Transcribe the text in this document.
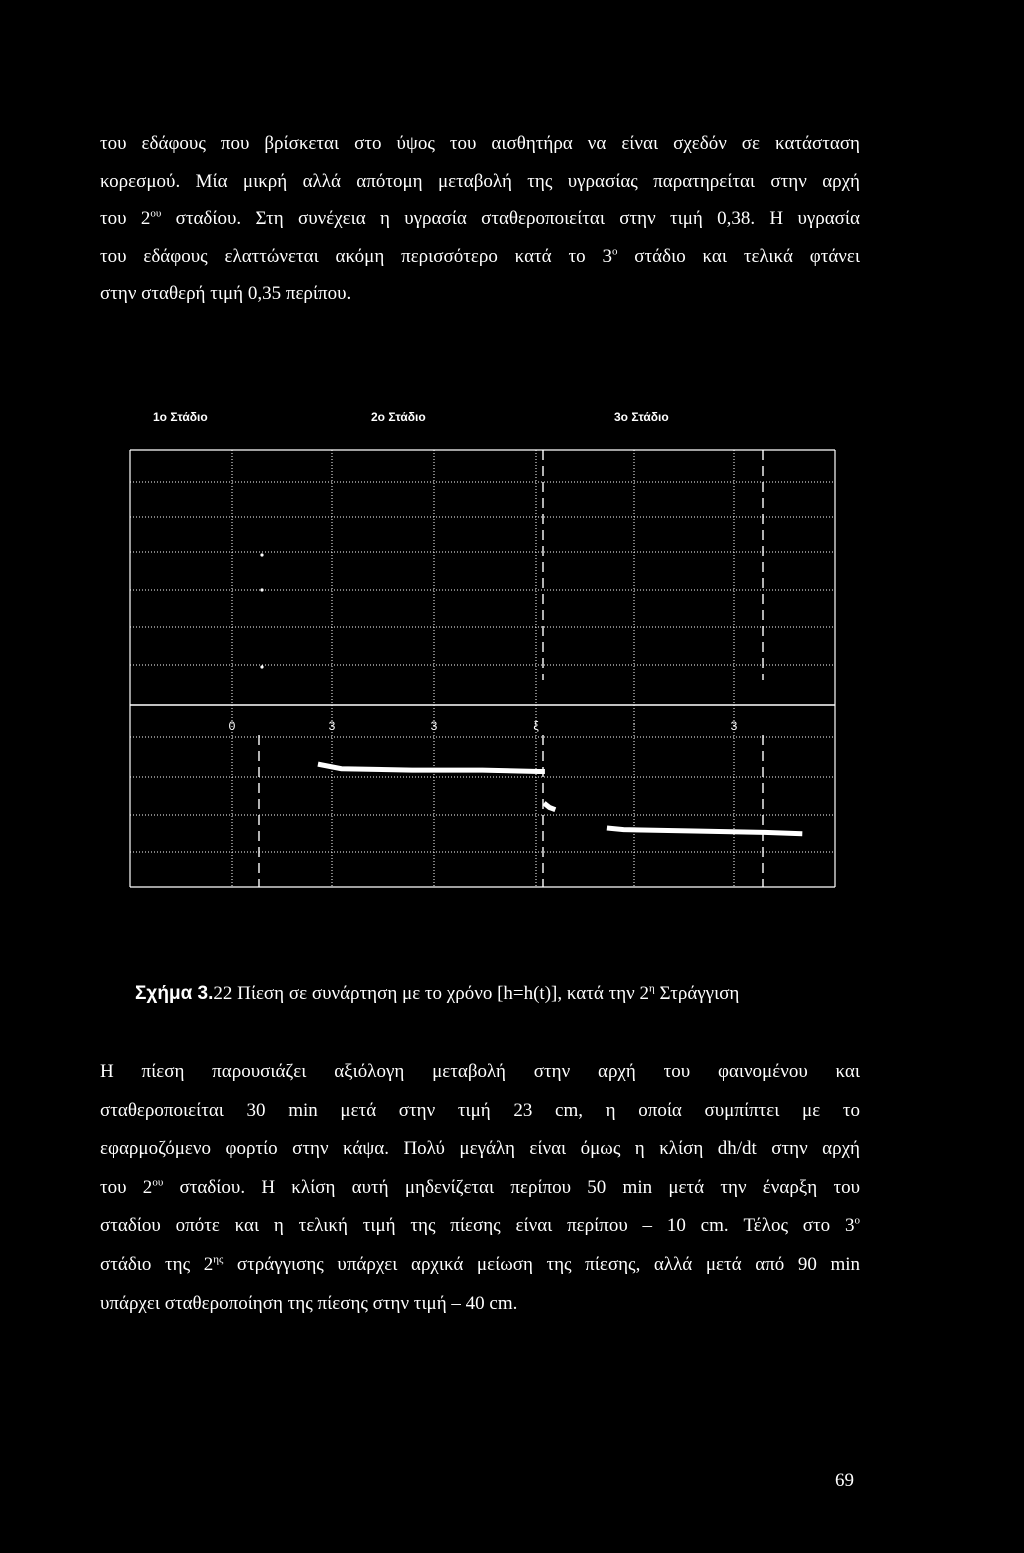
του εδάφους που βρίσκεται στο ύψος του αισθητήρα να είναι σχεδόν σε κατάσταση
κορεσμού. Μία μικρή αλλά απότομη μεταβολή της υγρασίας παρατηρείται στην αρχή
του $2^{o\upsilon}$ σταδίου. Στη συνέχεια η υγρασία σταθεροποιείται στην τιμή 0,38. Η υγρασία
του εδάφους ελαττώνεται ακόμη περισσότερο κατά το $3^o$ στάδιο και τελικά φτάνει
στην σταθερή τιμή 0,35 περίπου.
1ο Στάδιο	2ο Στάδιο	3ο Στάδιο
0	3	3	ξ	:	3
Σχήμα 3.22 Πίεση σε συνάρτηση με το χρόνο [h=h(t)], κατά την $2^\eta$ Στράγγιση
Η πίεση παρουσιάζει αξιόλογη μεταβολή στην αρχή του φαινομένου και
σταθεροποιείται 30 min μετά στην τιμή 23 cm, η οποία συμπίπτει με το
εφαρμοζόμενο φορτίο στην κάψα. Πολύ μεγάλη είναι όμως η κλίση dh/dt στην αρχή
του $2^{o\upsilon}$ σταδίου. Η κλίση αυτή μηδενίζεται περίπου 50 min μετά την έναρξη του
σταδίου οπότε και η τελική τιμή της πίεσης είναι περίπου – 10 cm. Τέλος στο $3^o$
στάδιο της $2^{\eta\varsigma}$ στράγγισης υπάρχει αρχικά μείωση της πίεσης, αλλά μετά από 90 min
υπάρχει σταθεροποίηση της πίεσης στην τιμή – 40 cm.
69
